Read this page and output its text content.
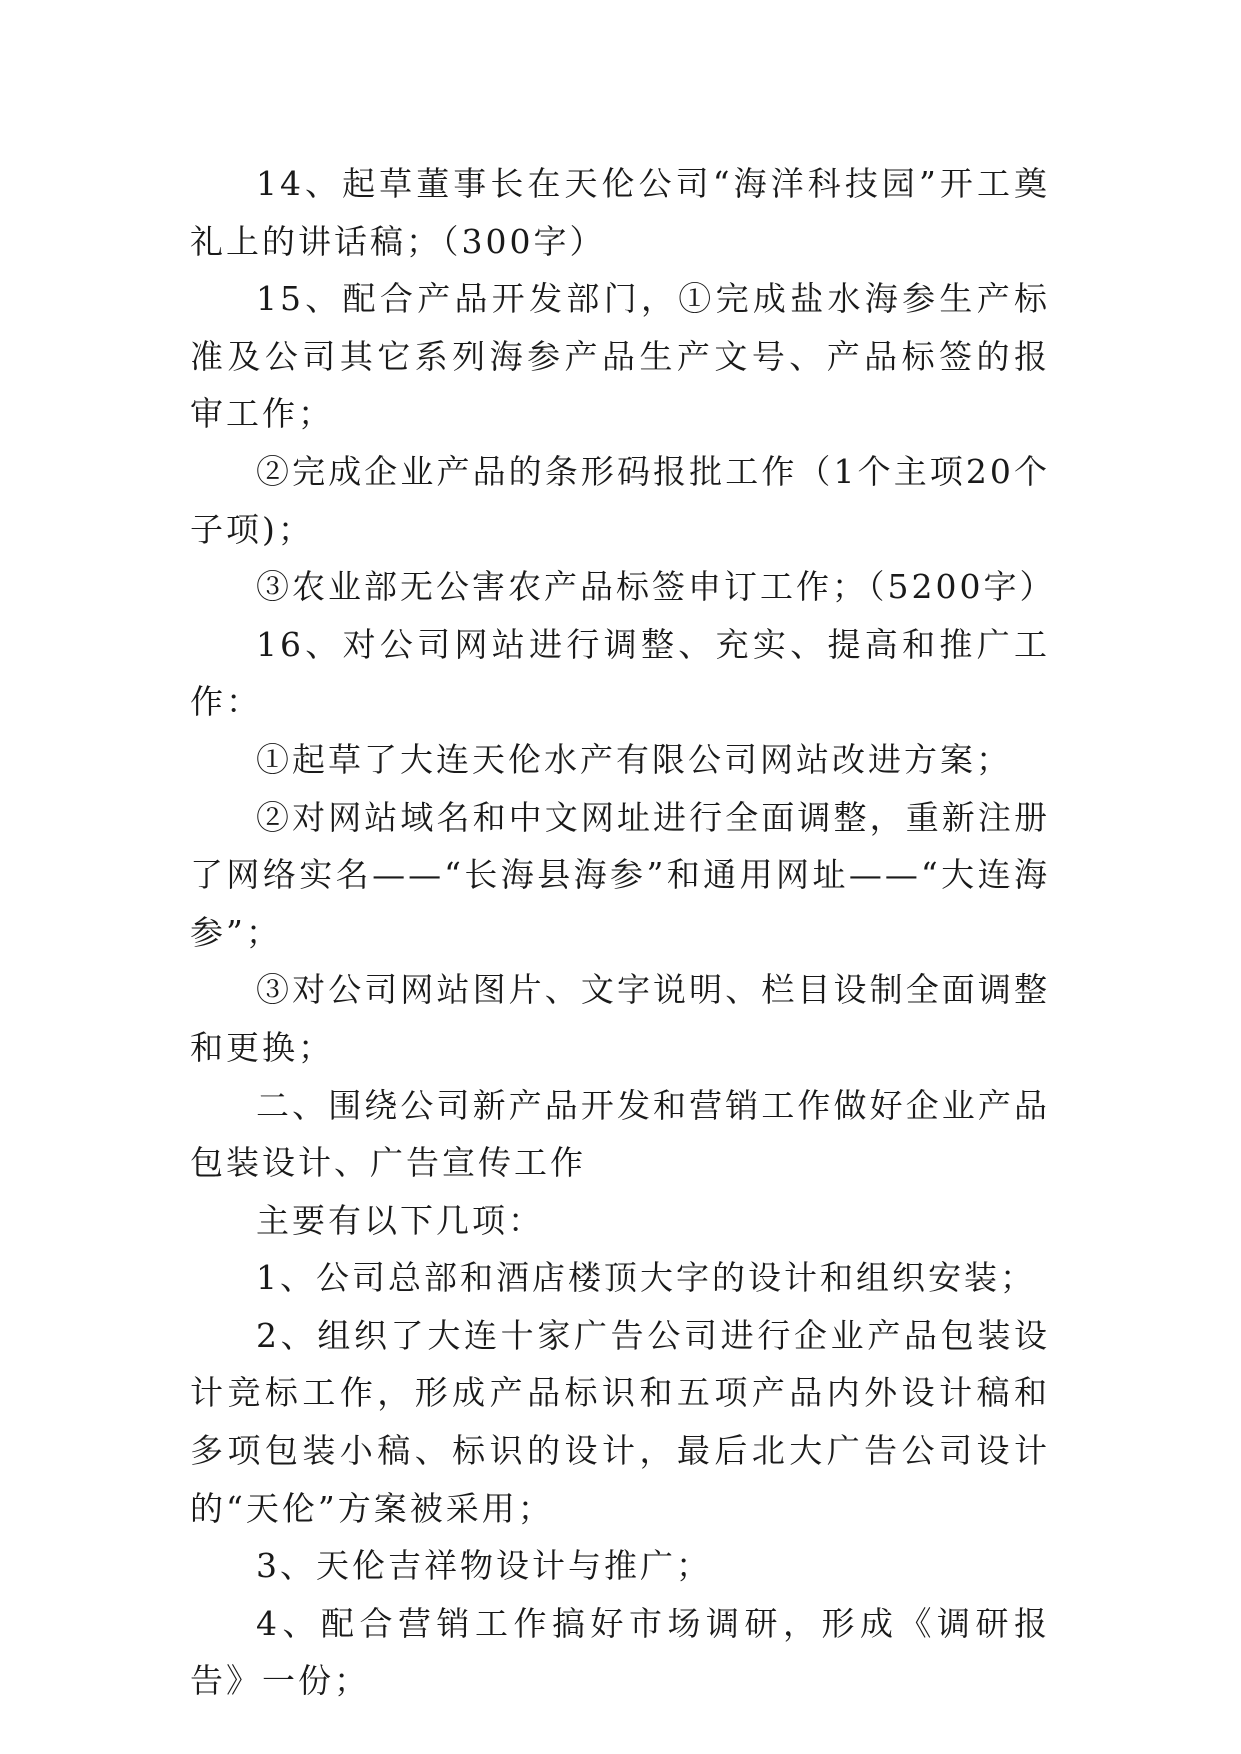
14、起草董事长在天伦公司“海洋科技园”开工奠礼上的讲话稿；（300字）

15、配合产品开发部门，①完成盐水海参生产标准及公司其它系列海参产品生产文号、产品标签的报审工作；

②完成企业产品的条形码报批工作（1个主项20个子项)；

③农业部无公害农产品标签申订工作；（5200字）

16、对公司网站进行调整、充实、提高和推广工作：

①起草了大连天伦水产有限公司网站改进方案；

②对网站域名和中文网址进行全面调整，重新注册了网络实名——“长海县海参”和通用网址——“大连海参”；

③对公司网站图片、文字说明、栏目设制全面调整和更换；

二、围绕公司新产品开发和营销工作做好企业产品包装设计、广告宣传工作

主要有以下几项：

1、公司总部和酒店楼顶大字的设计和组织安装；

2、组织了大连十家广告公司进行企业产品包装设计竞标工作，形成产品标识和五项产品内外设计稿和多项包装小稿、标识的设计，最后北大广告公司设计的“天伦”方案被采用；

3、天伦吉祥物设计与推广；

4、配合营销工作搞好市场调研，形成《调研报告》一份；
